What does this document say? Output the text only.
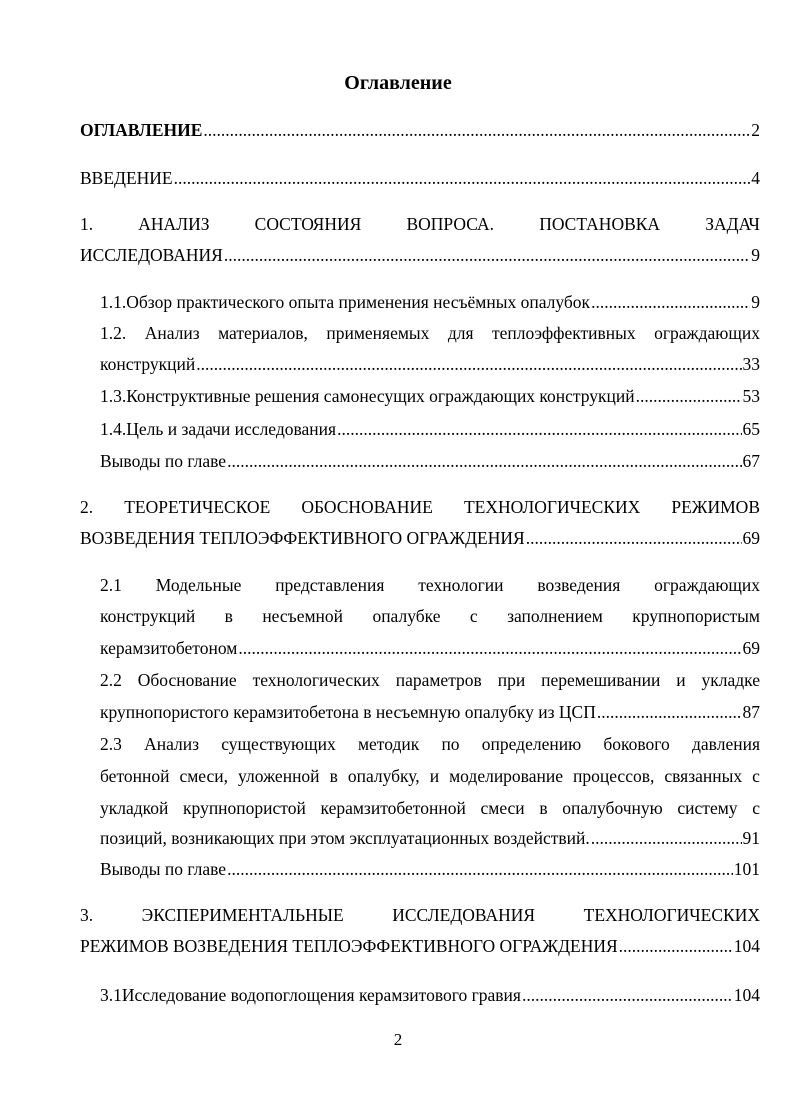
Оглавление
ОГЛАВЛЕНИЕ .....	2
ВВЕДЕНИЕ .....	4
1.	АНАЛИЗ	СОСТОЯНИЯ	ВОПРОСА.	ПОСТАНОВКА	ЗАДАЧ
ИССЛЕДОВАНИЯ .....	9
1.1. Обзор практического опыта применения несъёмных опалубок .....	9
1.2. Анализ материалов, применяемых для теплоэффективных ограждающих
конструкций .....	33
1.3. Конструктивные решения самонесущих ограждающих конструкций .....	53
1.4. Цель и задачи исследования .....	65
Выводы по главе .....	67
2. ТЕОРЕТИЧЕСКОЕ ОБОСНОВАНИЕ ТЕХНОЛОГИЧЕСКИХ РЕЖИМОВ
ВОЗВЕДЕНИЯ ТЕПЛОЭФФЕКТИВНОГО ОГРАЖДЕНИЯ .....	69
2.1 Модельные представления технологии возведения ограждающих
конструкций в несъемной опалубке с заполнением крупнопористым
керамзитобетоном .....	69
2.2 Обоснование технологических параметров при перемешивании и укладке
крупнопористого керамзитобетона в несъемную опалубку из ЦСП .....	87
2.3 Анализ существующих методик по определению бокового давления
бетонной смеси, уложенной в опалубку, и моделирование процессов, связанных с
укладкой крупнопористой керамзитобетонной смеси в опалубочную систему с
позиций, возникающих при этом эксплуатационных воздействий. .....	91
Выводы по главе .....	101
3.	ЭКСПЕРИМЕНТАЛЬНЫЕ	ИССЛЕДОВАНИЯ	ТЕХНОЛОГИЧЕСКИХ
РЕЖИМОВ ВОЗВЕДЕНИЯ ТЕПЛОЭФФЕКТИВНОГО ОГРАЖДЕНИЯ .....	104
3.1 Исследование водопоглощения керамзитового гравия .....	104
2
